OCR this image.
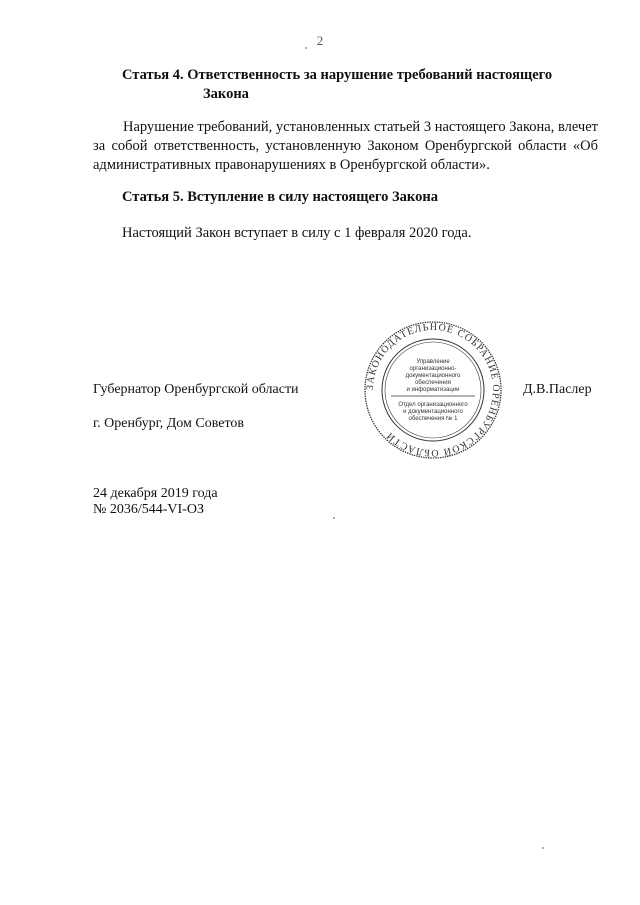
2
Статья 4. Ответственность за нарушение требований настоящего
Закона
Нарушение требований, установленных статьей 3 настоящего Закона, влечет за собой ответственность, установленную Законом Оренбургской области «Об административных правонарушениях в Оренбургской области».
Статья 5. Вступление в силу настоящего Закона
Настоящий Закон вступает в силу с 1 февраля 2020 года.
Губернатор Оренбургской области	Д.В.Паслер
г. Оренбург, Дом Советов
24 декабря 2019 года
№ 2036/544-VI-ОЗ
ЗАКОНОДАТЕЛЬНОЕ СОБРАНИЕ ОРЕНБУРГСКОЙ ОБЛАСТИ
Управление
организационно-
документационного
обеспечения
и информатизации
Отдел организационного
и документационного
обеспечения № 1
